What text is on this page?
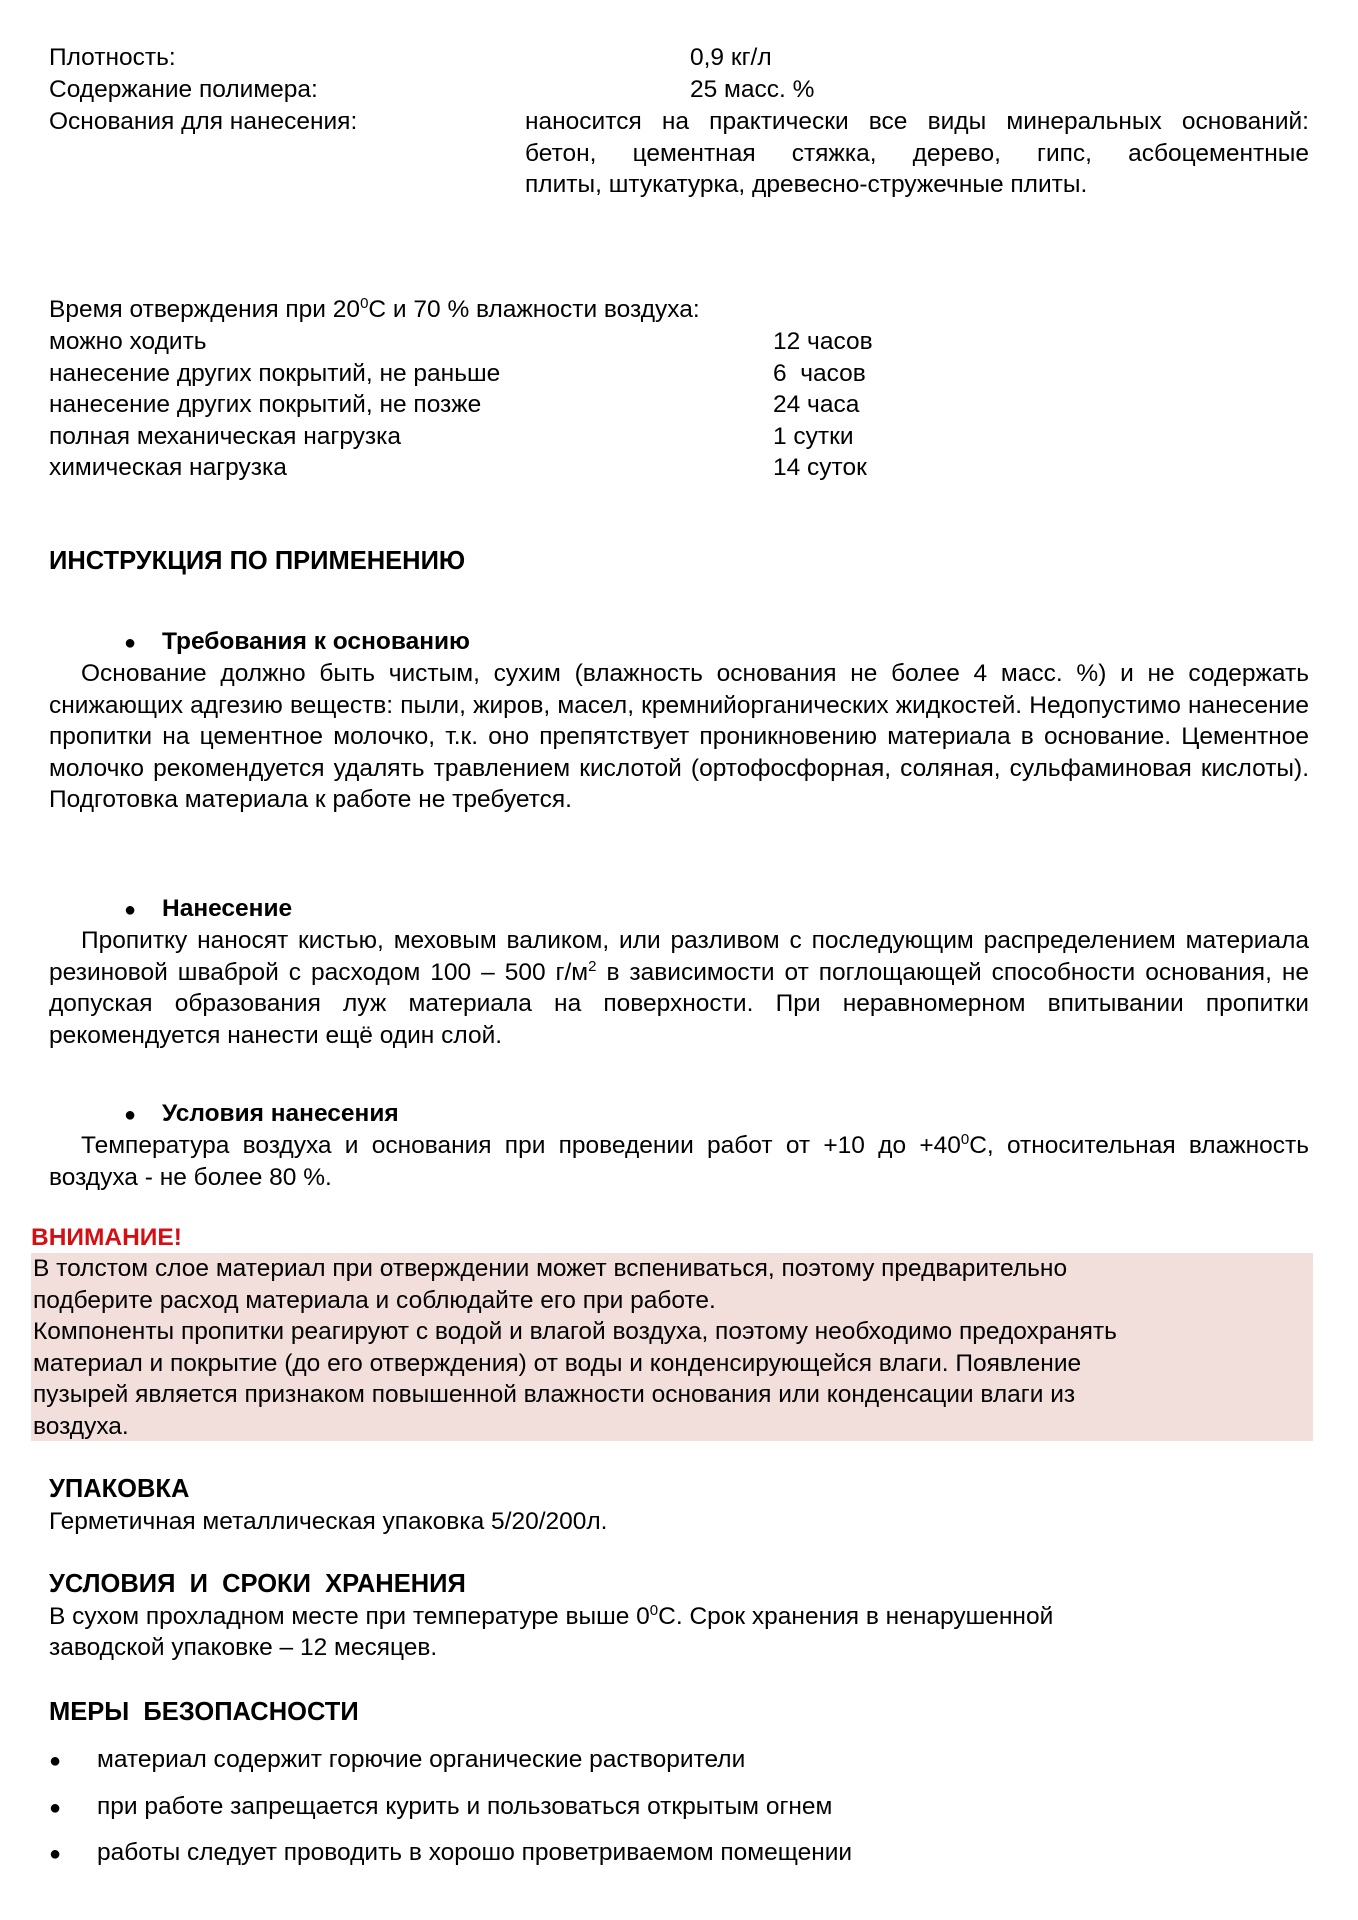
Плотность:	0,9 кг/л
Содержание полимера:	25 масс. %
Основания для нанесения:	наносится на практически все виды минеральных оснований:
бетон, цементная стяжка, дерево, гипс, асбоцементные
плиты, штукатурка, древесно-стружечные плиты.
Время отверждения при $20^0С$ и 70 % влажности воздуха:
можно ходить	12 часов
нанесение других покрытий, не раньше	6  часов
нанесение других покрытий, не позже	24 часа
полная механическая нагрузка	1 сутки
химическая нагрузка	14 суток
ИНСТРУКЦИЯ ПО ПРИМЕНЕНИЮ
● Требования к основанию
Основание должно быть чистым, сухим (влажность основания не более 4 масс. %) и не содержать снижающих адгезию веществ: пыли, жиров, масел, кремнийорганических жидкостей. Недопустимо нанесение пропитки на цементное молочко, т.к. оно препятствует проникновению материала в основание. Цементное молочко рекомендуется удалять травлением кислотой (ортофосфорная, соляная, сульфаминовая кислоты). Подготовка материала к работе не требуется.
● Нанесение
Пропитку наносят кистью, меховым валиком, или разливом с последующим распределением материала резиновой шваброй с расходом 100 – 500 $г/м^2$ в зависимости от поглощающей способности основания, не допуская образования луж материала на поверхности. При неравномерном впитывании пропитки рекомендуется нанести ещё один слой.
● Условия нанесения
Температура воздуха и основания при проведении работ от +10 до $+40^0С$, относительная влажность воздуха - не более 80 %.
ВНИМАНИЕ!

В толстом слое материал при отверждении может вспениваться, поэтому предварительно

подберите расход материала и соблюдайте его при работе.

Компоненты пропитки реагируют с водой и влагой воздуха, поэтому необходимо предохранять

материал и покрытие (до его отверждения) от воды и конденсирующейся влаги. Появление

пузырей является признаком повышенной влажности основания или конденсации влаги из

воздуха.

УПАКОВКА
Герметичная металлическая упаковка 5/20/200л.
УСЛОВИЯ  И  СРОКИ  ХРАНЕНИЯ
В сухом прохладном месте при температуре выше $0^0С$. Срок хранения в ненарушенной
заводской упаковке – 12 месяцев.
МЕРЫ  БЕЗОПАСНОСТИ
● материал содержит горючие органические растворители
● при работе запрещается курить и пользоваться открытым огнем
● работы следует проводить в хорошо проветриваемом помещении
